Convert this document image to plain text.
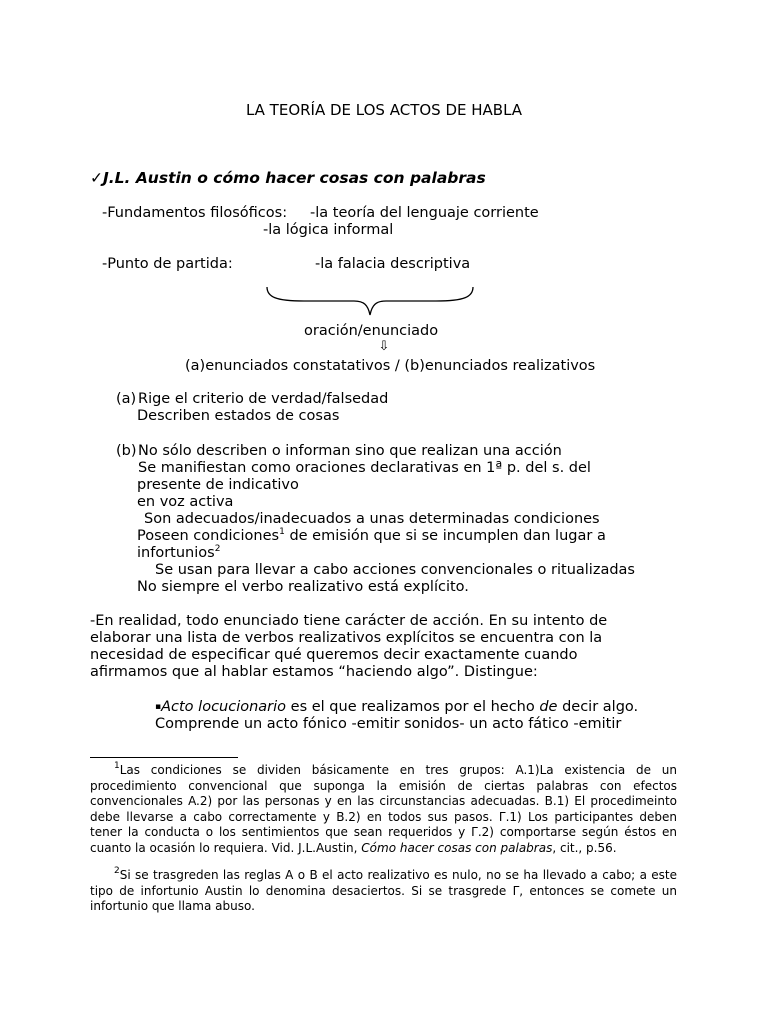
LA TEORÍA DE LOS ACTOS DE HABLA
✓J.L. Austin o cómo hacer cosas con palabras
-Fundamentos filosóficos: -la teoría del lenguaje corriente
-la lógica informal
-Punto de partida:	-la falacia descriptiva
oración/enunciado
⇩
(a)enunciados constatativos / (b)enunciados realizativos
(a) Rige el criterio de verdad/falsedad
Describen estados de cosas
(b) No sólo describen o informan sino que realizan una acción
Se manifiestan como oraciones declarativas en 1ª p. del s. del
presente de indicativo
en voz activa
Son adecuados/inadecuados a unas determinadas condiciones
Poseen condiciones$^1$ de emisión que si se incumplen dan lugar a
infortunios$^2$
Se usan para llevar a cabo acciones convencionales o ritualizadas
No siempre el verbo realizativo está explícito.
-En realidad, todo enunciado tiene carácter de acción. En su intento de
elaborar una lista de verbos realizativos explícitos se encuentra con la
necesidad de especificar qué queremos decir exactamente cuando
afirmamos que al hablar estamos “haciendo algo”. Distingue:
▪Acto locucionario es el que realizamos por el hecho de decir algo.
Comprende un acto fónico -emitir sonidos- un acto fático -emitir
$^1$Las condiciones se dividen básicamente en tres grupos: A.1)La existencia de un procedimiento convencional que suponga la emisión de ciertas palabras con efectos convencionales A.2) por las personas y en las circunstancias adecuadas. B.1) El procedimeinto debe llevarse a cabo correctamente y B.2) en todos sus pasos. Γ.1) Los participantes deben tener la conducta o los sentimientos que sean requeridos y Γ.2) comportarse según éstos en cuanto la ocasión lo requiera. Vid. J.L.Austin, Cómo hacer cosas con palabras, cit., p.56.
$^2$Si se trasgreden las reglas A o B el acto realizativo es nulo, no se ha llevado a cabo; a este tipo de infortunio Austin lo denomina desaciertos. Si se trasgrede Γ, entonces se comete un infortunio que llama abuso.
